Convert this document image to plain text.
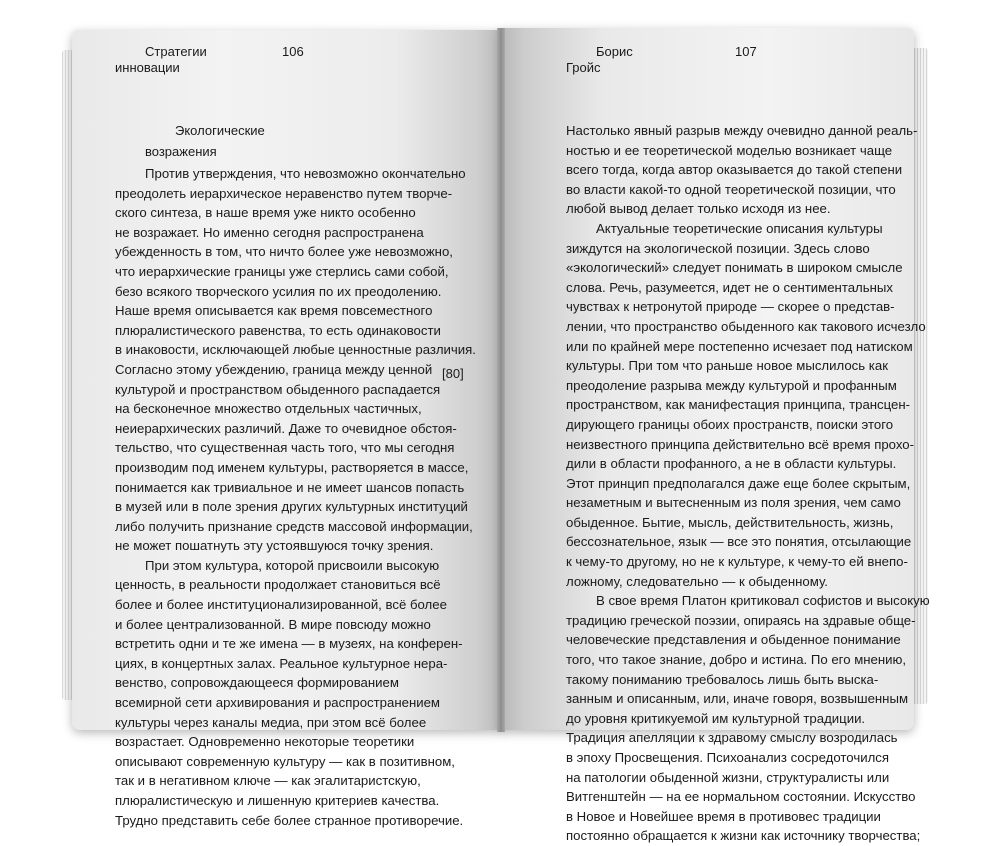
Стратегии
инновации
106
Экологические
возражения
Против утверждения, что невозможно окончательно
преодолеть иерархическое неравенство путем творче-
ского синтеза, в наше время уже никто особенно
не возражает. Но именно сегодня распространена
убежденность в том, что ничто более уже невозможно,
что иерархические границы уже стерлись сами собой,
безо всякого творческого усилия по их преодолению.
Наше время описывается как время повсеместного
плюралистического равенства, то есть одинаковости
в инаковости, исключающей любые ценностные различия.
Согласно этому убеждению, граница между ценной
культурой и пространством обыденного распадается
на бесконечное множество отдельных частичных,
неиерархических различий. Даже то очевидное обстоя-
тельство, что существенная часть того, что мы сегодня
производим под именем культуры, растворяется в массе,
понимается как тривиальное и не имеет шансов попасть
в музей или в поле зрения других культурных институций
либо получить признание средств массовой информации,
не может пошатнуть эту устоявшуюся точку зрения.
При этом культура, которой присвоили высокую
ценность, в реальности продолжает становиться всё
более и более институционализированной, всё более
и более централизованной. В мире повсюду можно
встретить одни и те же имена — в музеях, на конферен-
циях, в концертных залах. Реальное культурное нера-
венство, сопровождающееся формированием
всемирной сети архивирования и распространением
культуры через каналы медиа, при этом всё более
возрастает. Одновременно некоторые теоретики
описывают современную культуру — как в позитивном,
так и в негативном ключе — как эгалитаристскую,
плюралистическую и лишенную критериев качества.
Трудно представить себе более странное противоречие.
[80]
Борис
Гройс
107
Настолько явный разрыв между очевидно данной реаль-
ностью и ее теоретической моделью возникает чаще
всего тогда, когда автор оказывается до такой степени
во власти какой-то одной теоретической позиции, что
любой вывод делает только исходя из нее.
Актуальные теоретические описания культуры
зиждутся на экологической позиции. Здесь слово
«экологический» следует понимать в широком смысле
слова. Речь, разумеется, идет не о сентиментальных
чувствах к нетронутой природе — скорее о представ-
лении, что пространство обыденного как такового исчезло
или по крайней мере постепенно исчезает под натиском
культуры. При том что раньше новое мыслилось как
преодоление разрыва между культурой и профанным
пространством, как манифестация принципа, трансцен-
дирующего границы обоих пространств, поиски этого
неизвестного принципа действительно всё время прохо-
дили в области профанного, а не в области культуры.
Этот принцип предполагался даже еще более скрытым,
незаметным и вытесненным из поля зрения, чем само
обыденное. Бытие, мысль, действительность, жизнь,
бессознательное, язык — все это понятия, отсылающие
к чему-то другому, но не к культуре, к чему-то ей внепо-
ложному, следовательно — к обыденному.
В свое время Платон критиковал софистов и высокую
традицию греческой поэзии, опираясь на здравые обще-
человеческие представления и обыденное понимание
того, что такое знание, добро и истина. По его мнению,
такому пониманию требовалось лишь быть выска-
занным и описанным, или, иначе говоря, возвышенным
до уровня критикуемой им культурной традиции.
Традиция апелляции к здравому смыслу возродилась
в эпоху Просвещения. Психоанализ сосредоточился
на патологии обыденной жизни, структуралисты или
Витгенштейн — на ее нормальном состоянии. Искусство
в Новое и Новейшее время в противовес традиции
постоянно обращается к жизни как источнику творчества;
